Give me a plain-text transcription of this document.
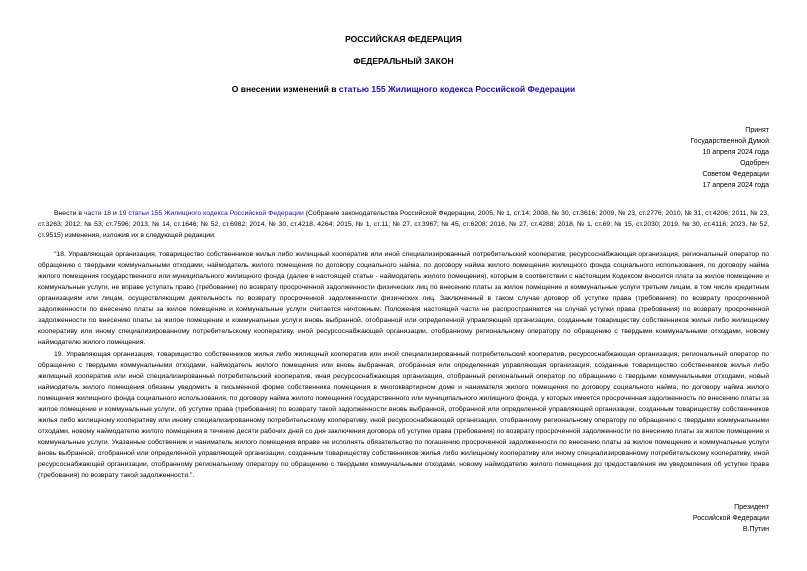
РОССИЙСКАЯ ФЕДЕРАЦИЯ
ФЕДЕРАЛЬНЫЙ ЗАКОН
О внесении изменений в статью 155 Жилищного кодекса Российской Федерации
Принят
Государственной Думой
10 апреля 2024 года
Одобрен
Советом Федерации
17 апреля 2024 года
Внести в части 18 и 19 статьи 155 Жилищного кодекса Российской Федерации (Собрание законодательства Российской Федерации, 2005, № 1, ст.14; 2008, № 30, ст.3616; 2009, № 23, ст.2776; 2010, № 31, ст.4206; 2011, № 23, ст.3263; 2012, № 53, ст.7596; 2013, № 14, ст.1646; № 52, ст.6982; 2014, № 30, ст.4218, 4264; 2015, № 1, ст.11; № 27, ст.3967; № 45, ст.6208; 2016, № 27, ст.4288; 2018, № 1, ст.69; № 15, ст.2030; 2019, № 30, ст.4116; 2023, № 52, ст.9515) изменения, изложив их в следующей редакции:
"18. Управляющая организация, товарищество собственников жилья либо жилищный кооператив или иной специализированный потребительский кооператив, ресурсоснабжающая организация, региональный оператор по обращению с твердыми коммунальными отходами, наймодатель жилого помещения по договору социального найма, по договору найма жилого помещения жилищного фонда социального использования, по договору найма жилого помещения государственного или муниципального жилищного фонда (далее в настоящей статье - наймодатель жилого помещения), которым в соответствии с настоящим Кодексом вносится плата за жилое помещение и коммунальные услуги, не вправе уступать право (требование) по возврату просроченной задолженности физических лиц по внесению платы за жилое помещение и коммунальные услуги третьим лицам, в том числе кредитным организациям или лицам, осуществляющим деятельность по возврату просроченной задолженности физических лиц. Заключенный в таком случае договор об уступке права (требования) по возврату просроченной задолженности по внесению платы за жилое помещение и коммунальные услуги считается ничтожным. Положения настоящей части не распространяются на случай уступки права (требования) по возврату просроченной задолженности по внесению платы за жилое помещение и коммунальные услуги вновь выбранной, отобранной или определенной управляющей организации, созданным товариществу собственников жилья либо жилищному кооперативу или иному специализированному потребительскому кооперативу, иной ресурсоснабжающей организации, отобранному региональному оператору по обращению с твердыми коммунальными отходами, новому наймодателю жилого помещения.
19. Управляющая организация, товарищество собственников жилья либо жилищный кооператив или иной специализированный потребительский кооператив, ресурсоснабжающая организация, региональный оператор по обращению с твердыми коммунальными отходами, наймодатель жилого помещения или вновь выбранная, отобранная или определенная управляющая организация, созданные товарищество собственников жилья либо жилищный кооператив или иной специализированный потребительский кооператив, иная ресурсоснабжающая организация, отобранный региональный оператор по обращению с твердыми коммунальными отходами, новый наймодатель жилого помещения обязаны уведомить в письменной форме собственника помещения в многоквартирном доме и нанимателя жилого помещения по договору социального найма, по договору найма жилого помещения жилищного фонда социального использования, по договору найма жилого помещения государственного или муниципального жилищного фонда, у которых имеется просроченная задолженность по внесению платы за жилое помещение и коммунальные услуги, об уступке права (требования) по возврату такой задолженности вновь выбранной, отобранной или определенной управляющей организации, созданным товариществу собственников жилья либо жилищному кооперативу или иному специализированному потребительскому кооперативу, иной ресурсоснабжающей организации, отобранному региональному оператору по обращению с твердыми коммунальными отходами, новому наймодателю жилого помещения в течение десяти рабочих дней со дня заключения договора об уступке права (требования) по возврату просроченной задолженности по внесению платы за жилое помещение и коммунальные услуги. Указанные собственник и наниматель жилого помещения вправе не исполнять обязательство по погашению просроченной задолженности по внесению платы за жилое помещение и коммунальные услуги вновь выбранной, отобранной или определенной управляющей организации, созданным товариществу собственников жилья либо жилищному кооперативу или иному специализированному потребительскому кооперативу, иной ресурсоснабжающей организации, отобранному региональному оператору по обращению с твердыми коммунальными отходами, новому наймодателю жилого помещения до предоставления им уведомления об уступке права (требования) по возврату такой задолженности.".
Президент
Российской Федерации
В.Путин
